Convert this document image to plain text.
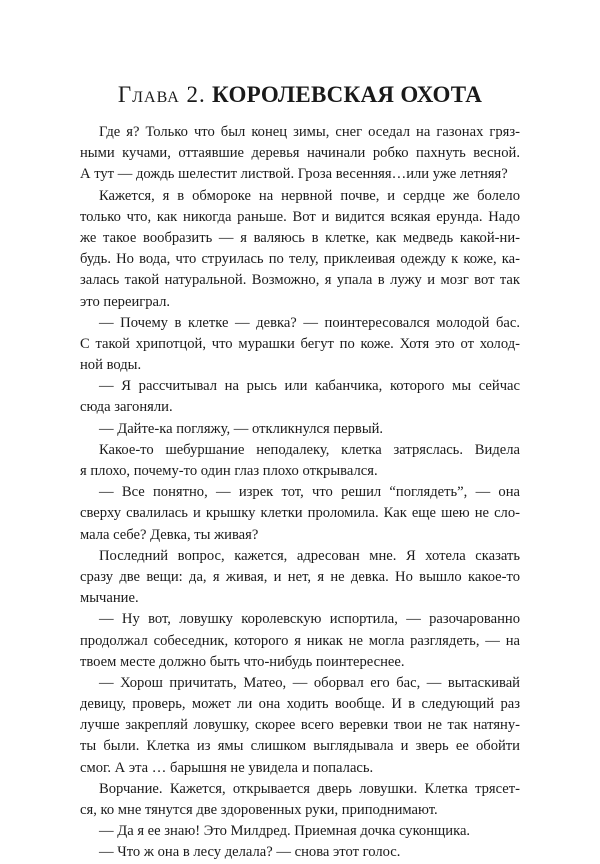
Глава 2. КОРОЛЕВСКАЯ ОХОТА
Где я? Только что был конец зимы, снег оседал на газонах гряз-
ными кучами, оттаявшие деревья начинали робко пахнуть весной.
А тут — дождь шелестит листвой. Гроза весенняя…или уже летняя?
Кажется, я в обмороке на нервной почве, и сердце же болело
только что, как никогда раньше. Вот и видится всякая ерунда. Надо
же такое вообразить — я валяюсь в клетке, как медведь какой-ни-
будь. Но вода, что струилась по телу, приклеивая одежду к коже, ка-
залась такой натуральной. Возможно, я упала в лужу и мозг вот так
это переиграл.
— Почему в клетке — девка? — поинтересовался молодой бас.
С такой хрипотцой, что мурашки бегут по коже. Хотя это от холод-
ной воды.
— Я рассчитывал на рысь или кабанчика, которого мы сейчас
сюда загоняли.
— Дайте-ка погляжу, — откликнулся первый.
Какое-то шебуршание неподалеку, клетка затряслась. Видела
я плохо, почему-то один глаз плохо открывался.
— Все понятно, — изрек тот, что решил “поглядеть”, — она
сверху свалилась и крышку клетки проломила. Как еще шею не сло-
мала себе? Девка, ты живая?
Последний вопрос, кажется, адресован мне. Я хотела сказать
сразу две вещи: да, я живая, и нет, я не девка. Но вышло какое-то
мычание.
— Ну вот, ловушку королевскую испортила, — разочарованно
продолжал собеседник, которого я никак не могла разглядеть, — на
твоем месте должно быть что-нибудь поинтереснее.
— Хорош причитать, Матео, — оборвал его бас, — вытаскивай
девицу, проверь, может ли она ходить вообще. И в следующий раз
лучше закрепляй ловушку, скорее всего веревки твои не так натяну-
ты были. Клетка из ямы слишком выглядывала и зверь ее обойти
смог. А эта … барышня не увидела и попалась.
Ворчание. Кажется, открывается дверь ловушки. Клетка трясет-
ся, ко мне тянутся две здоровенных руки, приподнимают.
— Да я ее знаю! Это Милдред. Приемная дочка суконщика.
— Что ж она в лесу делала? — снова этот голос.
